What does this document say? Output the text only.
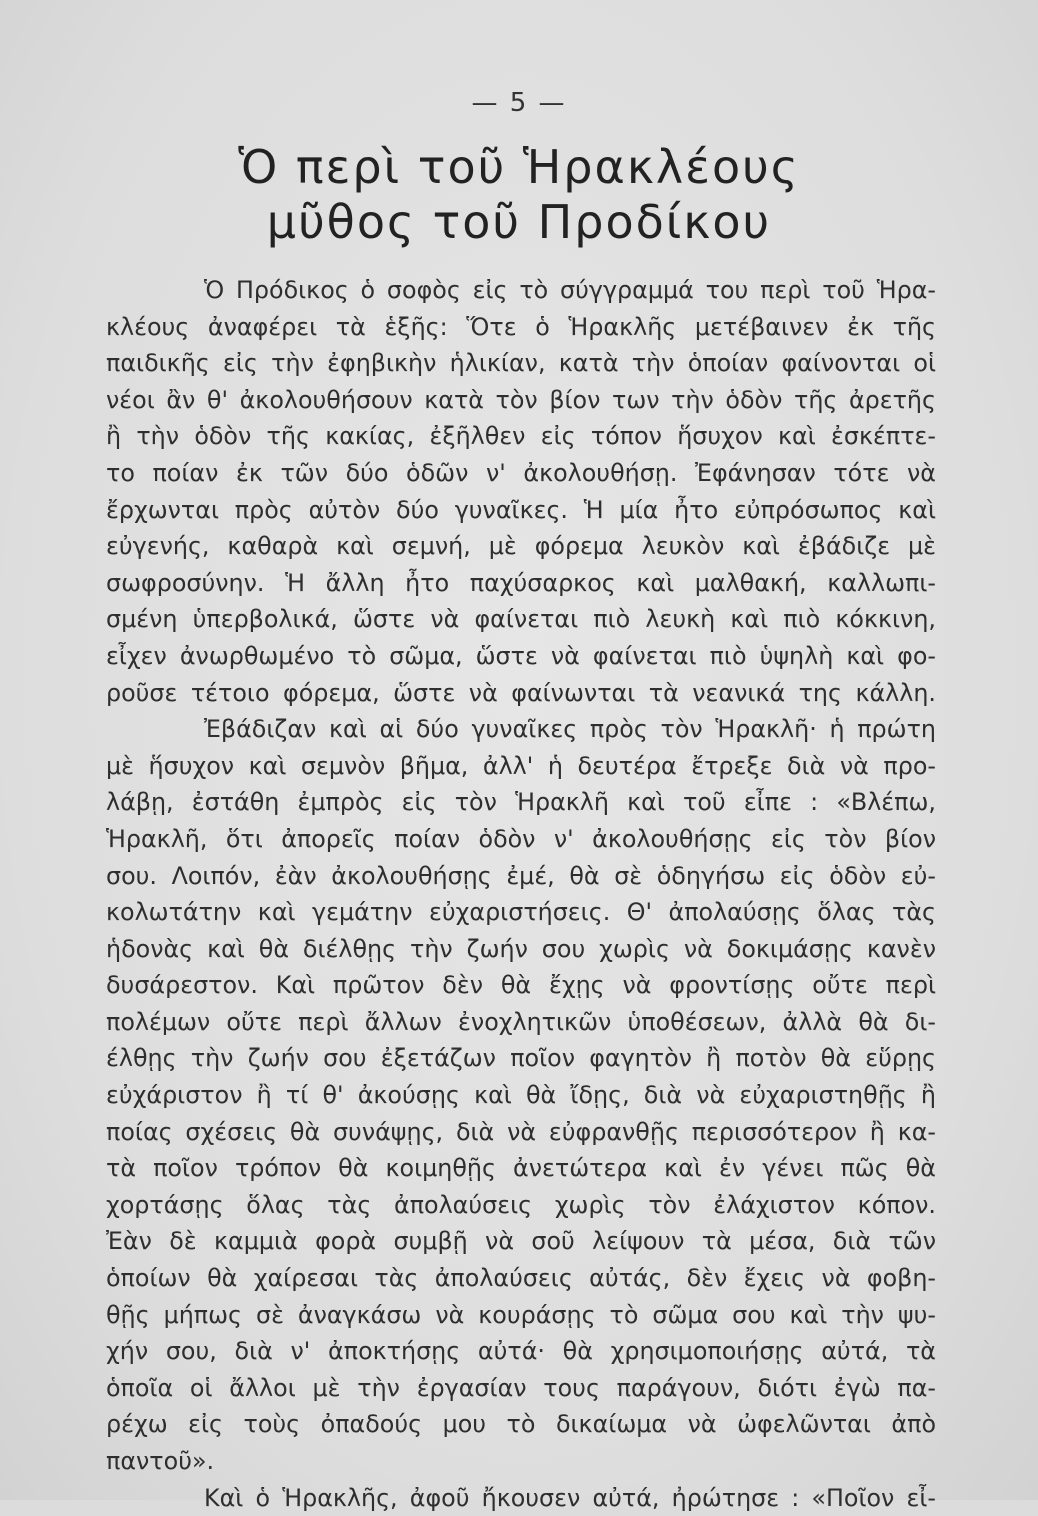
— 5 —
Ὁ περὶ τοῦ Ἡρακλέους
μῦθος τοῦ Προδίκου
Ὁ Πρόδικος ὁ σοφὸς εἰς τὸ σύγγραμμά του περὶ τοῦ Ἡρα-
κλέους ἀναφέρει τὰ ἑξῆς: Ὅτε ὁ Ἡρακλῆς μετέβαινεν ἐκ τῆς
παιδικῆς εἰς τὴν ἐφηβικὴν ἡλικίαν, κατὰ τὴν ὁποίαν φαίνονται οἱ
νέοι ἂν θ' ἀκολουθήσουν κατὰ τὸν βίον των τὴν ὁδὸν τῆς ἀρετῆς
ἢ τὴν ὁδὸν τῆς κακίας, ἐξῆλθεν εἰς τόπον ἥσυχον καὶ ἐσκέπτε-
το ποίαν ἐκ τῶν δύο ὁδῶν ν' ἀκολουθήσῃ. Ἐφάνησαν τότε νὰ
ἔρχωνται πρὸς αὐτὸν δύο γυναῖκες. Ἡ μία ἦτο εὐπρόσωπος καὶ
εὐγενής, καθαρὰ καὶ σεμνή, μὲ φόρεμα λευκὸν καὶ ἐβάδιζε μὲ
σωφροσύνην. Ἡ ἄλλη ἦτο παχύσαρκος καὶ μαλθακή, καλλωπι-
σμένη ὑπερβολικά, ὥστε νὰ φαίνεται πιὸ λευκὴ καὶ πιὸ κόκκινη,
εἶχεν ἀνωρθωμένο τὸ σῶμα, ὥστε νὰ φαίνεται πιὸ ὑψηλὴ καὶ φο-
ροῦσε τέτοιο φόρεμα, ὥστε νὰ φαίνωνται τὰ νεανικά της κάλλη.
Ἐβάδιζαν καὶ αἱ δύο γυναῖκες πρὸς τὸν Ἡρακλῆ· ἡ πρώτη
μὲ ἥσυχον καὶ σεμνὸν βῆμα, ἀλλ' ἡ δευτέρα ἔτρεξε διὰ νὰ προ-
λάβῃ, ἐστάθη ἐμπρὸς εἰς τὸν Ἡρακλῆ καὶ τοῦ εἶπε : «Βλέπω,
Ἡρακλῆ, ὅτι ἀπορεῖς ποίαν ὁδὸν ν' ἀκολουθήσῃς εἰς τὸν βίον
σου. Λοιπόν, ἐὰν ἀκολουθήσῃς ἐμέ, θὰ σὲ ὁδηγήσω εἰς ὁδὸν εὐ-
κολωτάτην καὶ γεμάτην εὐχαριστήσεις. Θ' ἀπολαύσῃς ὅλας τὰς
ἡδονὰς καὶ θὰ διέλθῃς τὴν ζωήν σου χωρὶς νὰ δοκιμάσῃς κανὲν
δυσάρεστον. Καὶ πρῶτον δὲν θὰ ἔχῃς νὰ φροντίσῃς οὔτε περὶ
πολέμων οὔτε περὶ ἄλλων ἐνοχλητικῶν ὑποθέσεων, ἀλλὰ θὰ δι-
έλθῃς τὴν ζωήν σου ἐξετάζων ποῖον φαγητὸν ἢ ποτὸν θὰ εὕρῃς
εὐχάριστον ἢ τί θ' ἀκούσῃς καὶ θὰ ἴδῃς, διὰ νὰ εὐχαριστηθῇς ἢ
ποίας σχέσεις θὰ συνάψῃς, διὰ νὰ εὐφρανθῇς περισσότερον ἢ κα-
τὰ ποῖον τρόπον θὰ κοιμηθῇς ἀνετώτερα καὶ ἐν γένει πῶς θὰ
χορτάσῃς ὅλας τὰς ἀπολαύσεις χωρὶς τὸν ἐλάχιστον κόπον.
Ἐὰν δὲ καμμιὰ φορὰ συμβῇ νὰ σοῦ λείψουν τὰ μέσα, διὰ τῶν
ὁποίων θὰ χαίρεσαι τὰς ἀπολαύσεις αὐτάς, δὲν ἔχεις νὰ φοβη-
θῇς μήπως σὲ ἀναγκάσω νὰ κουράσῃς τὸ σῶμα σου καὶ τὴν ψυ-
χήν σου, διὰ ν' ἀποκτήσῃς αὐτά· θὰ χρησιμοποιήσῃς αὐτά, τὰ
ὁποῖα οἱ ἄλλοι μὲ τὴν ἐργασίαν τους παράγουν, διότι ἐγὼ πα-
ρέχω εἰς τοὺς ὀπαδούς μου τὸ δικαίωμα νὰ ὠφελῶνται ἀπὸ
παντοῦ».
Καὶ ὁ Ἡρακλῆς, ἀφοῦ ἤκουσεν αὐτά, ἠρώτησε : «Ποῖον εἶ-
